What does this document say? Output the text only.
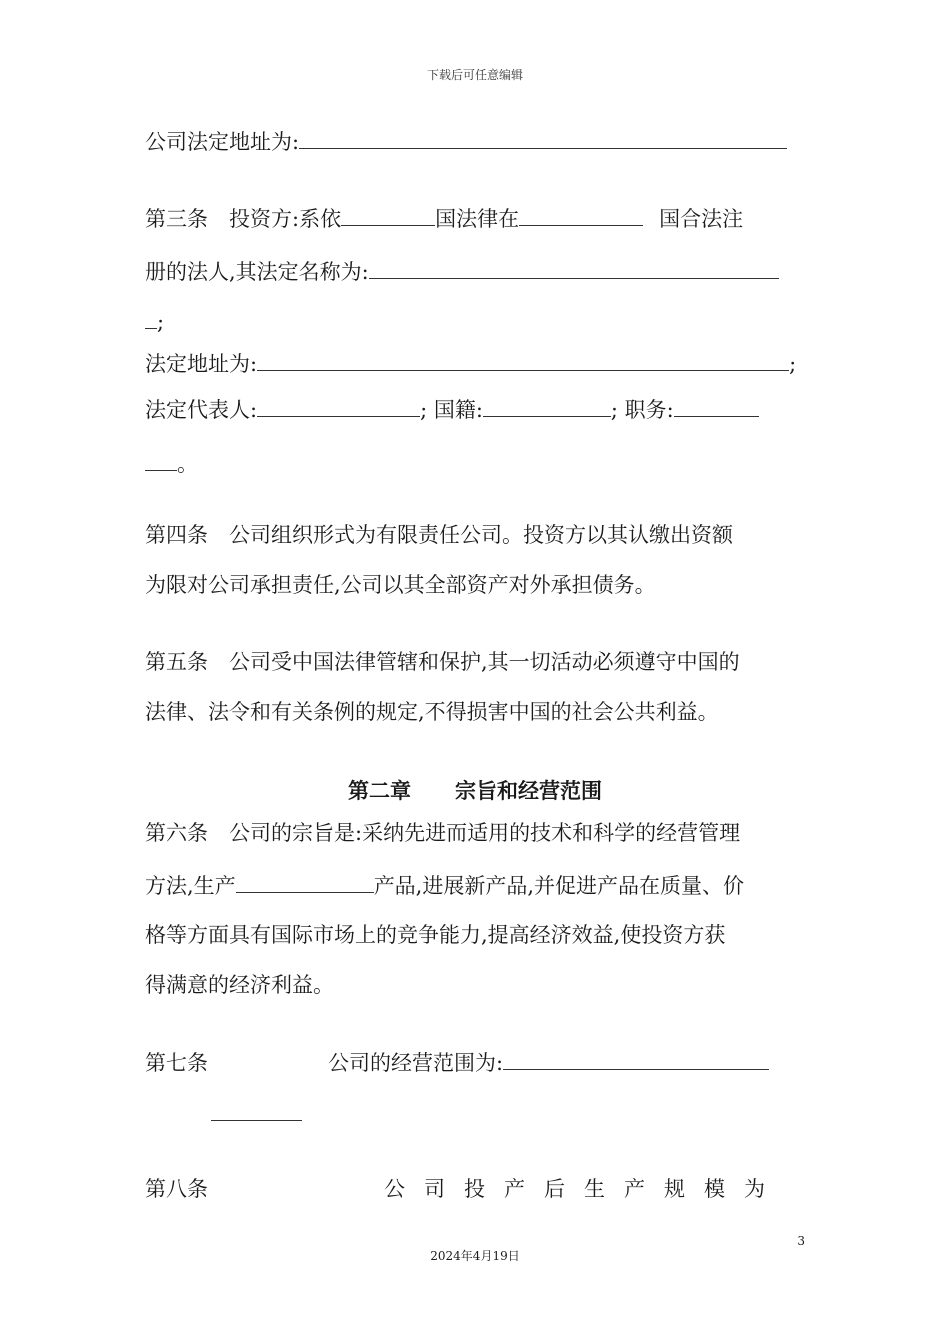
下载后可任意编辑
公司法定地址为:
第三条　投资方:系依	国法律在	国合法注
册的法人,其法定名称为:
;
法定地址为:	;
法定代表人:	; 国籍:	; 职务:
。
第四条　公司组织形式为有限责任公司。投资方以其认缴出资额
为限对公司承担责任,公司以其全部资产对外承担债务。
第五条　公司受中国法律管辖和保护,其一切活动必须遵守中国的
法律、法令和有关条例的规定,不得损害中国的社会公共利益。
第二章 宗旨和经营范围
第六条　公司的宗旨是:采纳先进而适用的技术和科学的经营管理
方法,生产	产品,进展新产品,并促进产品在质量、价
格等方面具有国际市场上的竞争能力,提高经济效益,使投资方获
得满意的经济利益。
第七条	公司的经营范围为:
第八条	公司投产后生产规模为
3
2024年4月19日
